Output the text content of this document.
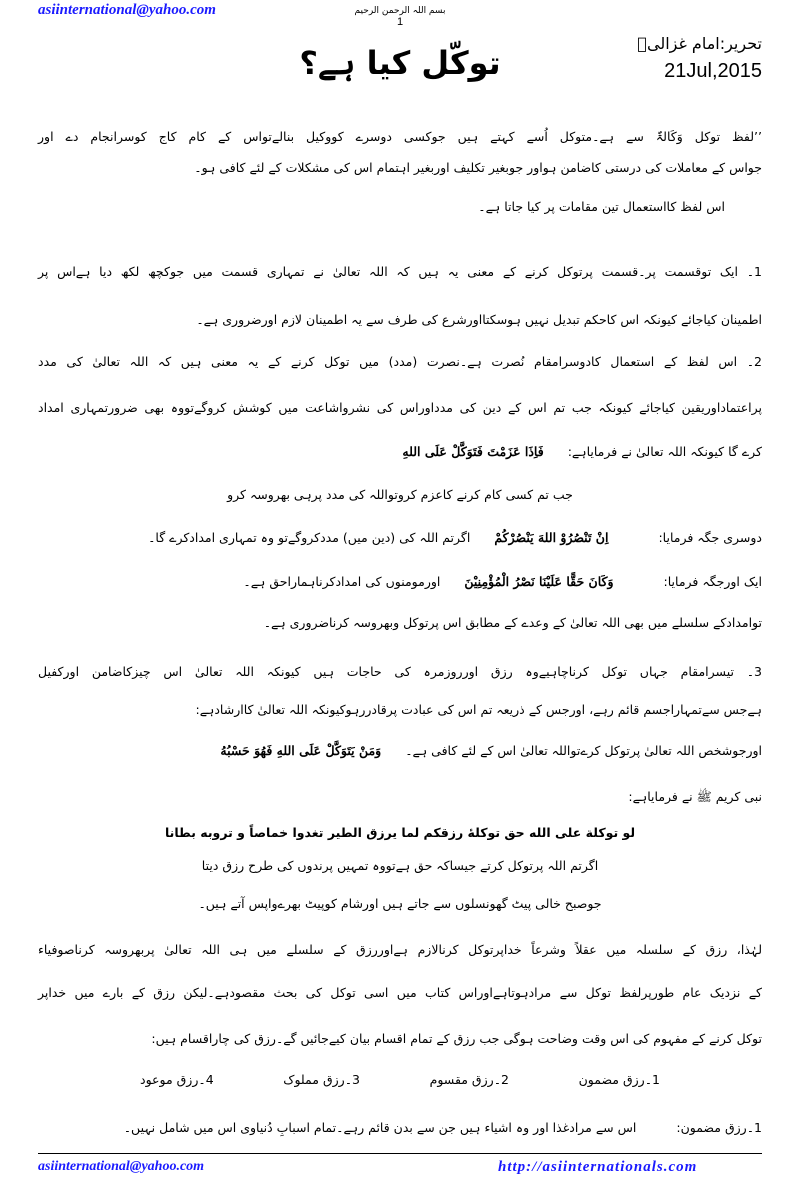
asiinternational@yahoo.com	بسم اللہ الرحمن الرحیم
1
تحریر:امام غزالیؒ
21Jul,2015
توکّل کیا ہے؟
’’لفظ توکل وَکَالۃٌ سے ہے۔متوکل اُسے کہتے ہیں جوکسی دوسرے کووکیل بنالےتواس کے کام کاج کوسرانجام دے اور
جواس کے معاملات کی درستی کاضامن ہواور جوبغیر تکلیف اوربغیر اہتمام اس کی مشکلات کے لئے کافی ہو۔
اس لفظ کااستعمال تین مقامات پر کیا جاتا ہے۔
1۔ ایک توقسمت پر۔قسمت پرتوکل کرنے کے معنی یہ ہیں کہ اللہ تعالیٰ نے تمہاری قسمت میں جوکچھ لکھ دیا ہےاس پر
اطمینان کیاجائے کیونکہ اس کاحکم تبدیل نہیں ہوسکتااورشرع کی طرف سے یہ اطمینان لازم اورضروری ہے۔
2۔ اس لفظ کے استعمال کادوسرامقام نُصرت ہے۔نصرت (مدد) میں توکل کرنے کے یہ معنی ہیں کہ اللہ تعالیٰ کی مدد
پراعتماداوریقین کیاجائے کیونکہ جب تم اس کے دین کی مدداوراس کی نشرواشاعت میں کوشش کروگےتووہ بھی ضرورتمہاری امداد
کرے گا کیونکہ اللہ تعالیٰ نے فرمایاہے:فَاِذَا عَزَمْتَ فَتَوَكَّلْ عَلَى اللهِ
جب تم کسی کام کرنے کاعزم کروتواللہ کی مدد پرہی بھروسہ کرو
دوسری جگہ فرمایا:اِنْ تَنْصُرُوْ اللهَ يَنْصُرْكُمْاگرتم اللہ کی (دین میں) مددکروگےتو وہ تمہاری امدادکرے گا۔
ایک اورجگہ فرمایا:وَكَانَ حَقًّا عَلَيْنَا نَصْرُ الْمُؤْمِنِيْنَاورمومنوں کی امدادکرناہماراحق ہے۔
توامدادکے سلسلے میں بھی اللہ تعالیٰ کے وعدے کے مطابق اس پرتوکل وبھروسہ کرناضروری ہے۔
3۔ تیسرامقام جہاں توکل کرناچاہیےوہ رزق اورروزمرہ کی حاجات ہیں کیونکہ اللہ تعالیٰ اس چیزکاضامن اورکفیل
ہےجس سےتمہاراجسم قائم رہے، اورجس کے ذریعہ تم اس کی عبادت پرقادررہوکیونکہ اللہ تعالیٰ کاارشادہے:
اورجوشخص اللہ تعالیٰ پرتوکل کرےتواللہ تعالیٰ اس کے لئے کافی ہے۔وَمَنْ يَتَوَكَّلْ عَلَى اللهِ فَهُوَ حَسْبُهُ
نبی کریم ﷺ نے فرمایاہے:
لو توكلة على الله حق توكلهٔ رزقكم لما يرزق الطير تغدوا خماصاً و تروبه بطانا
اگرتم اللہ پرتوکل کرتے جیساکہ حق ہےتووہ تمہیں پرندوں کی طرح رزق دیتا
جوصبح خالی پیٹ گھونسلوں سے جاتے ہیں اورشام کوپیٹ بھرےواپس آتے ہیں۔
لہٰذا، رزق کے سلسلہ میں عقلاً وشرعاً خداپرتوکل کرنالازم ہےاوررزق کے سلسلے میں ہی اللہ تعالیٰ پربھروسہ کرناصوفیاء
کے نزدیک عام طورپرلفظ توکل سے مرادہوتاہےاوراس کتاب میں اسی توکل کی بحث مقصودہے۔لیکن رزق کے بارے میں خداپر
توکل کرنے کے مفہوم کی اس وقت وضاحت ہوگی جب رزق کے تمام اقسام بیان کیےجائیں گے۔رزق کی چاراقسام ہیں:
1۔رزق مضمون
2۔رزق مقسوم
3۔رزق مملوک
4۔رزق موعود
1۔رزق مضمون:اس سے مرادغذا اور وہ اشیاء ہیں جن سے بدن قائم رہے۔تمام اسبابِ دُنیاوی اس میں شامل نہیں۔
asiinternational@yahoo.com	http://asiinternationals.com
